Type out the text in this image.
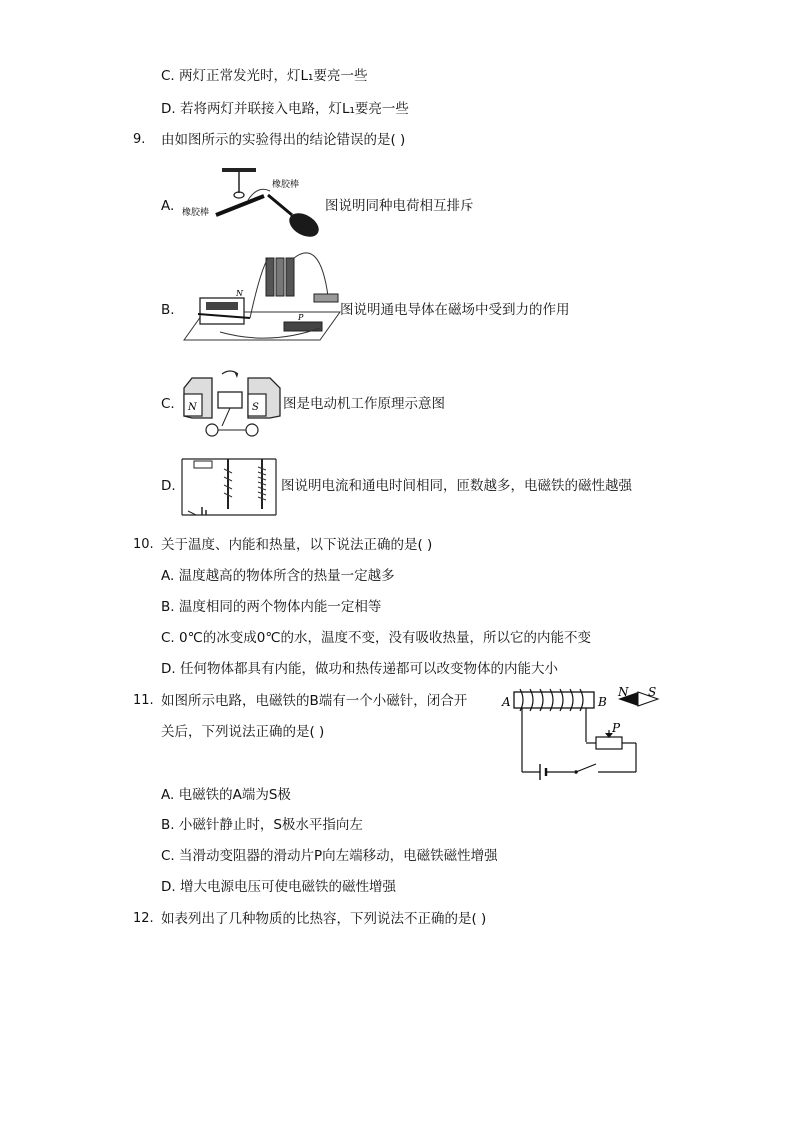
C. 两灯正常发光时，灯L₁要亮一些
D. 若将两灯并联接入电路，灯L₁要亮一些
9. 由如图所示的实验得出的结论错误的是( )
A. 橡胶棒
橡胶棒
图说明同种电荷相互排斥
B.
N
P	图说明通电导体在磁场中受到力的作用
C. N	S 图是电动机工作原理示意图
D.	图说明电流和通电时间相同，匝数越多，电磁铁的磁性越强
10. 关于温度、内能和热量，以下说法正确的是( )
A. 温度越高的物体所含的热量一定越多
B. 温度相同的两个物体内能一定相等
C. 0℃的冰变成0℃的水，温度不变，没有吸收热量，所以它的内能不变
D. 任何物体都具有内能，做功和热传递都可以改变物体的内能大小
11. 如图所示电路，电磁铁的B端有一个小磁针，闭合开
关后，下列说法正确的是( )
A	B
N S
P
A. 电磁铁的A端为S极
B. 小磁针静止时，S极水平指向左
C. 当滑动变阻器的滑动片P向左端移动，电磁铁磁性增强
D. 增大电源电压可使电磁铁的磁性增强
12. 如表列出了几种物质的比热容，下列说法不正确的是( )
